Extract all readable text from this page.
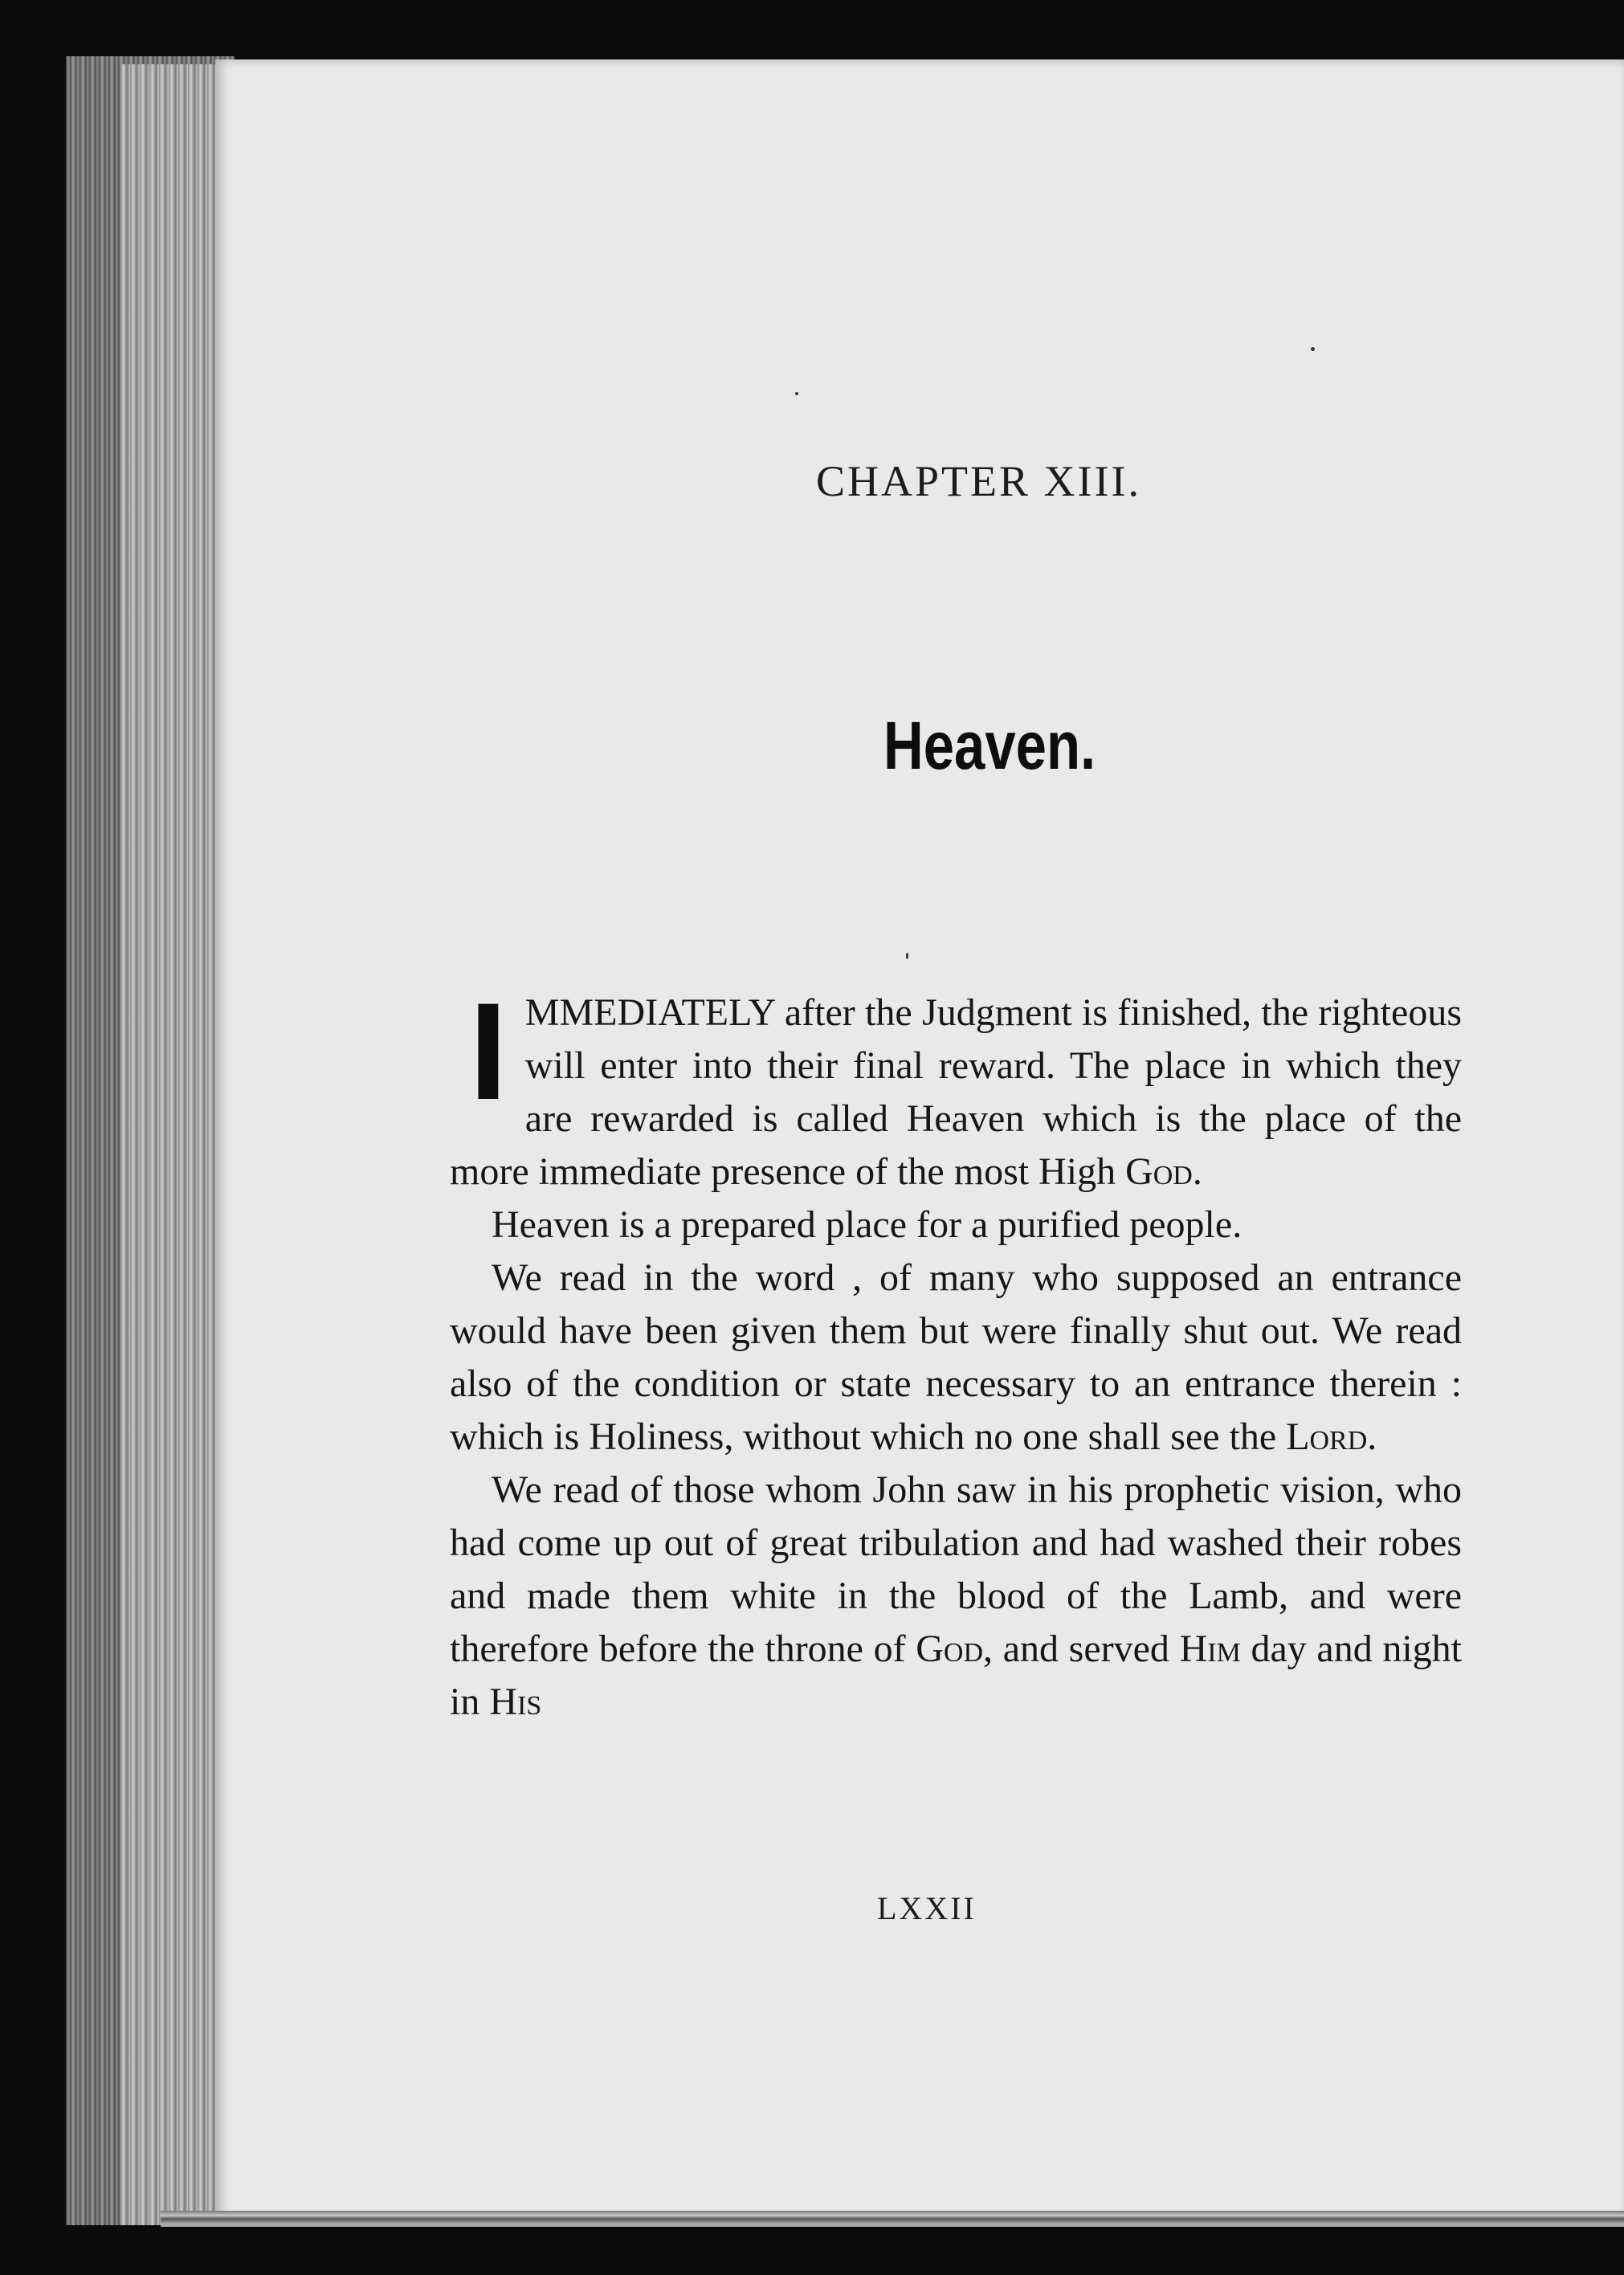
CHAPTER XIII.
Heaven.

IMMEDIATELY after the Judgment is finished, the righteous will enter into their final reward. The place in which they are rewarded is called Heaven which is the place of the more immediate presence of the most High God.

Heaven is a prepared place for a purified people.

We read in the word , of many who supposed an entrance would have been given them but were finally shut out. We read also of the condition or state necessary to an entrance therein : which is Holiness, without which no one shall see the Lord.

We read of those whom John saw in his prophetic vision, who had come up out of great tribulation and had washed their robes and made them white in the blood of the Lamb, and were therefore before the throne of God, and served Him day and night in His

LXXII
